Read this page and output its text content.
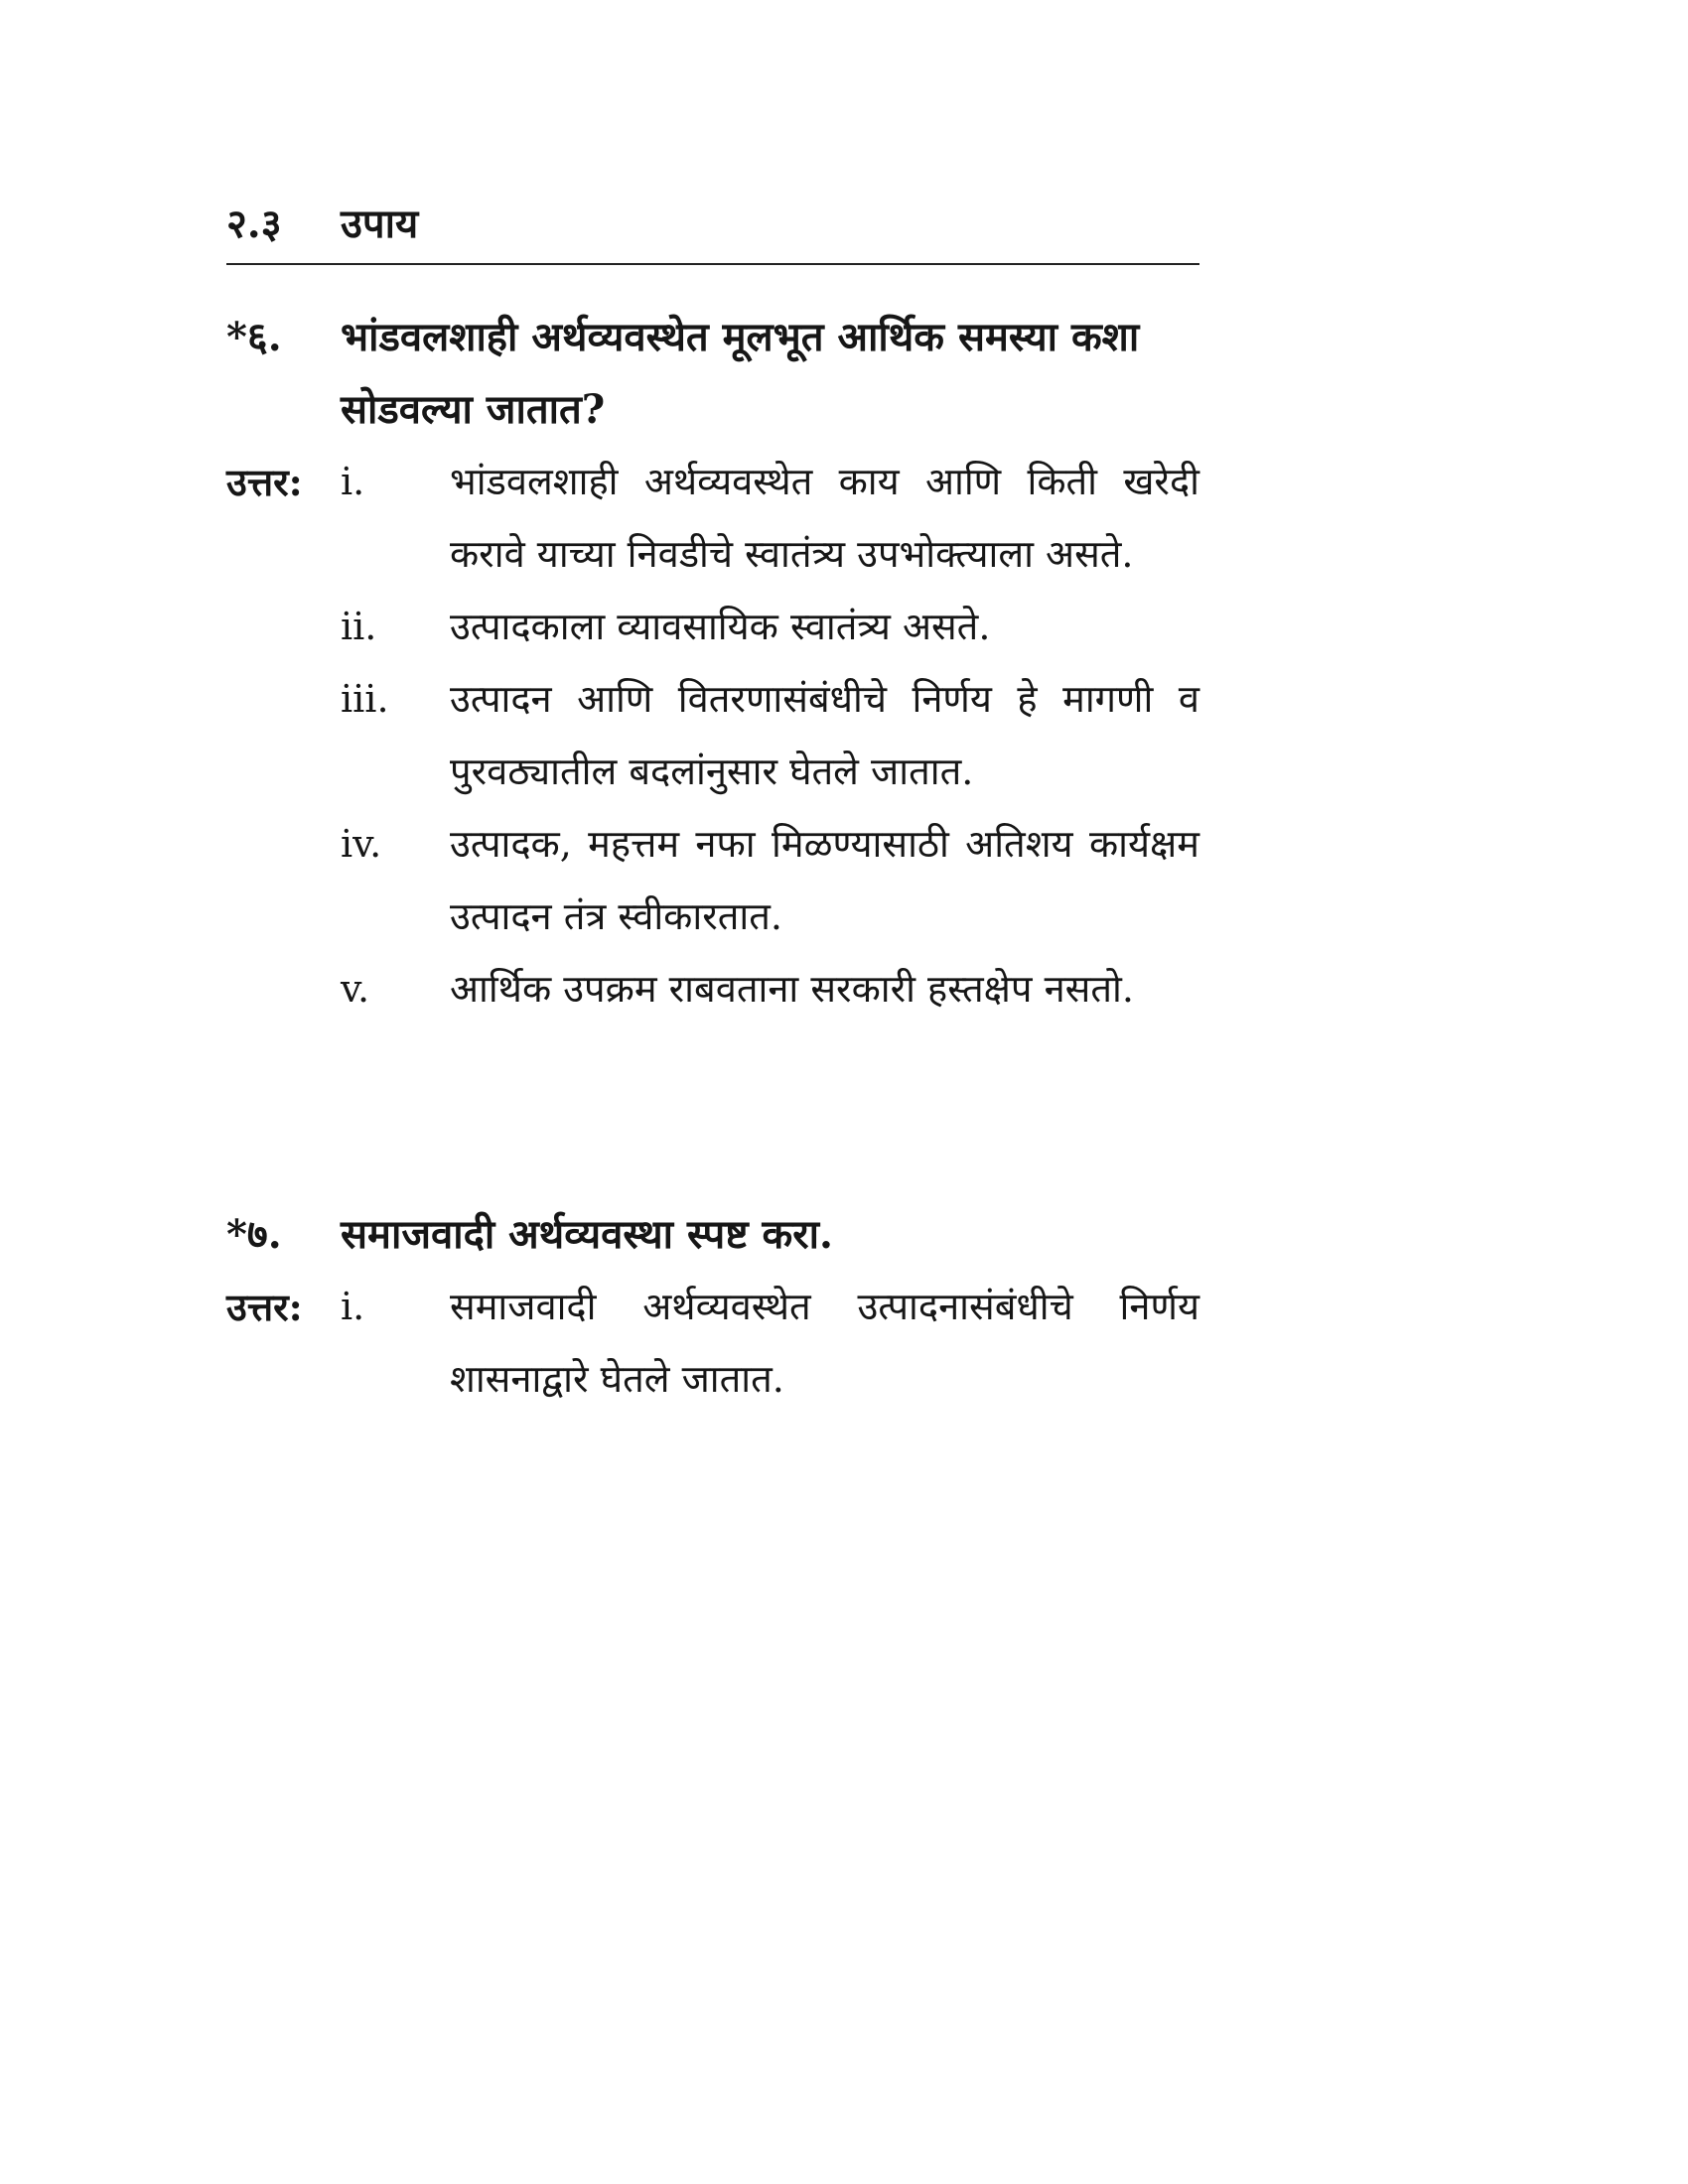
२.३ उपाय
*६.	भांडवलशाही अर्थव्यवस्थेत मूलभूत आर्थिक समस्या कशा सोडवल्या जातात?
उत्तर:	i.	भांडवलशाही अर्थव्यवस्थेत काय आणि किती खरेदी करावे याच्या निवडीचे स्वातंत्र्य उपभोक्त्याला असते.
ii.	उत्पादकाला व्यावसायिक स्वातंत्र्य असते.
iii.	उत्पादन आणि वितरणासंबंधीचे निर्णय हे मागणी व पुरवठ्यातील बदलांनुसार घेतले जातात.
iv.	उत्पादक, महत्तम नफा मिळण्यासाठी अतिशय कार्यक्षम उत्पादन तंत्र स्वीकारतात.
v.	आर्थिक उपक्रम राबवताना सरकारी हस्तक्षेप नसतो.
*७.	समाजवादी अर्थव्यवस्था स्पष्ट करा.
उत्तर:	i.	समाजवादी अर्थव्यवस्थेत उत्पादनासंबंधीचे निर्णय शासनाद्वारे घेतले जातात.
